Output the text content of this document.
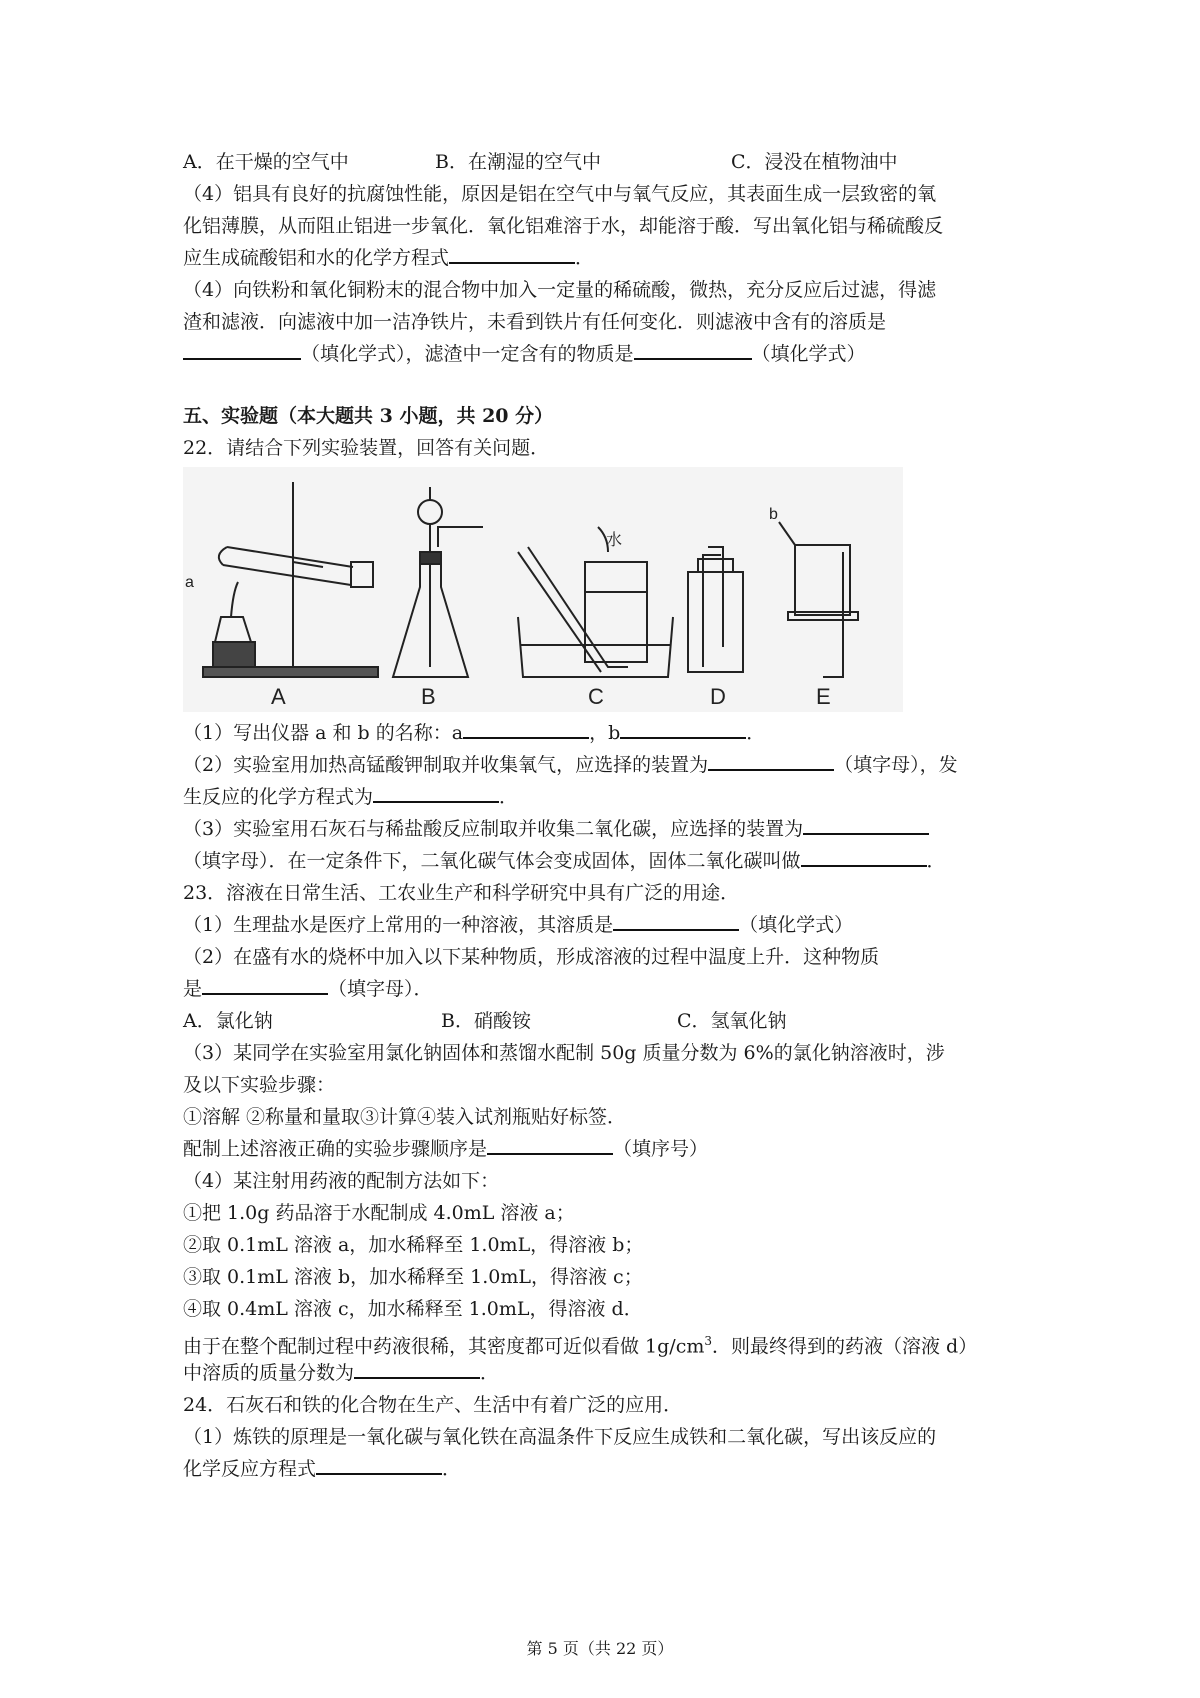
A．在干燥的空气中	B．在潮湿的空气中	C．浸没在植物油中
（4）铝具有良好的抗腐蚀性能，原因是铝在空气中与氧气反应，其表面生成一层致密的氧
化铝薄膜，从而阻止铝进一步氧化．氧化铝难溶于水，却能溶于酸．写出氧化铝与稀硫酸反
应生成硫酸铝和水的化学方程式	．
（4）向铁粉和氧化铜粉末的混合物中加入一定量的稀硫酸，微热，充分反应后过滤，得滤
渣和滤液．向滤液中加一洁净铁片，未看到铁片有任何变化．则滤液中含有的溶质是
（填化学式），滤渣中一定含有的物质是	（填化学式）
五、实验题（本大题共 3 小题，共 20 分）
22．请结合下列实验装置，回答有关问题．
a
b
水
A	B	C	D	E
（1）写出仪器 a 和 b 的名称：a	，b	．
（2）实验室用加热高锰酸钾制取并收集氧气，应选择的装置为	（填字母），发
生反应的化学方程式为	．
（3）实验室用石灰石与稀盐酸反应制取并收集二氧化碳，应选择的装置为
（填字母）．在一定条件下，二氧化碳气体会变成固体，固体二氧化碳叫做	．
23．溶液在日常生活、工农业生产和科学研究中具有广泛的用途．
（1）生理盐水是医疗上常用的一种溶液，其溶质是	（填化学式）
（2）在盛有水的烧杯中加入以下某种物质，形成溶液的过程中温度上升．这种物质
是	（填字母）．
A．氯化钠	B．硝酸铵	C．氢氧化钠
（3）某同学在实验室用氯化钠固体和蒸馏水配制 50g 质量分数为 6%的氯化钠溶液时，涉
及以下实验步骤：
①溶解 ②称量和量取③计算④装入试剂瓶贴好标签．
配制上述溶液正确的实验步骤顺序是	（填序号）
（4）某注射用药液的配制方法如下：
①把 1.0g 药品溶于水配制成 4.0mL 溶液 a；
②取 0.1mL 溶液 a，加水稀释至 1.0mL，得溶液 b；
③取 0.1mL 溶液 b，加水稀释至 1.0mL，得溶液 c；
④取 0.4mL 溶液 c，加水稀释至 1.0mL，得溶液 d．
由于在整个配制过程中药液很稀，其密度都可近似看做 $1g/cm^3$．则最终得到的药液（溶液 d）
中溶质的质量分数为	．
24．石灰石和铁的化合物在生产、生活中有着广泛的应用．
（1）炼铁的原理是一氧化碳与氧化铁在高温条件下反应生成铁和二氧化碳，写出该反应的
化学反应方程式	．
第 5 页（共 22 页）
